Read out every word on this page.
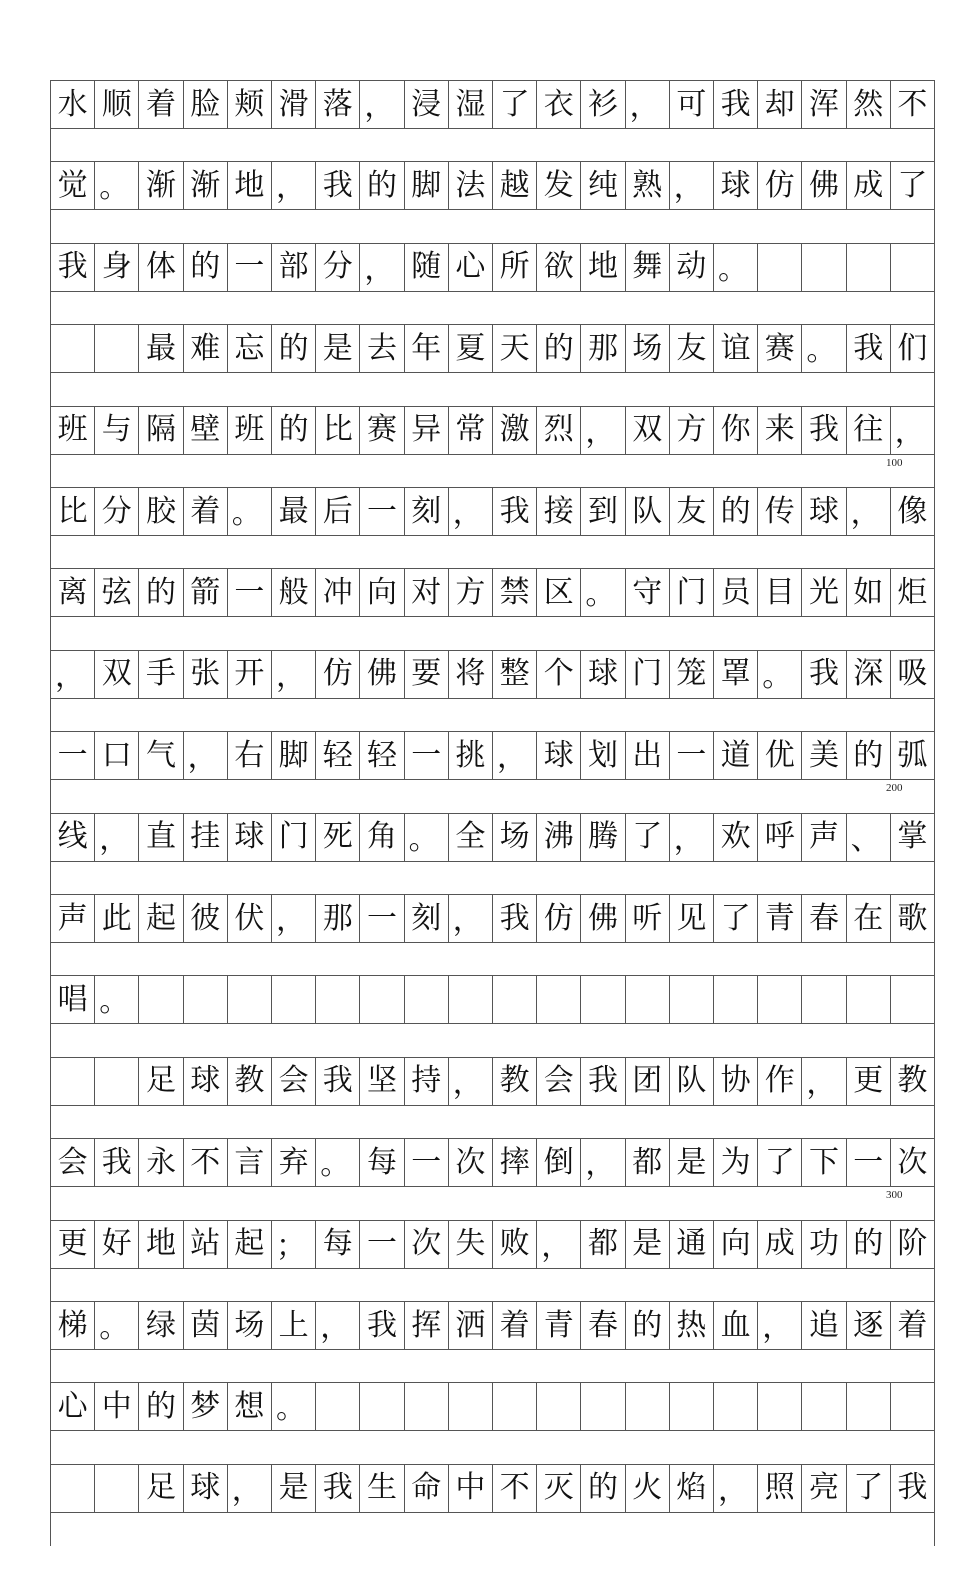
水 顺 着 脸 颊 滑 落 ， 浸 湿 了 衣 衫 ， 可 我 却 浑 然 不
觉 。 渐 渐 地 ， 我 的 脚 法 越 发 纯 熟 ， 球 仿 佛 成 了
我 身 体 的 一 部 分 ， 随 心 所 欲 地 舞 动 。
最 难 忘 的 是 去 年 夏 天 的 那 场 友 谊 赛 。 我 们
班 与 隔 壁 班 的 比 赛 异 常 激 烈 ， 双 方 你 来 我 往 ，
比 分 胶 着 。 最 后 一 刻 ， 我 接 到 队 友 的 传 球 ， 像
离 弦 的 箭 一 般 冲 向 对 方 禁 区 。 守 门 员 目 光 如 炬
， 双 手 张 开 ， 仿 佛 要 将 整 个 球 门 笼 罩 。 我 深 吸
一 口 气 ， 右 脚 轻 轻 一 挑 ， 球 划 出 一 道 优 美 的 弧
线 ， 直 挂 球 门 死 角 。 全 场 沸 腾 了 ， 欢 呼 声 、 掌
声 此 起 彼 伏 ， 那 一 刻 ， 我 仿 佛 听 见 了 青 春 在 歌
唱 。
足 球 教 会 我 坚 持 ， 教 会 我 团 队 协 作 ， 更 教
会 我 永 不 言 弃 。 每 一 次 摔 倒 ， 都 是 为 了 下 一 次
更 好 地 站 起 ； 每 一 次 失 败 ， 都 是 通 向 成 功 的 阶
梯 。 绿 茵 场 上 ， 我 挥 洒 着 青 春 的 热 血 ， 追 逐 着
心 中 的 梦 想 。
足 球 ， 是 我 生 命 中 不 灭 的 火 焰 ， 照 亮 了 我
100
200
300
